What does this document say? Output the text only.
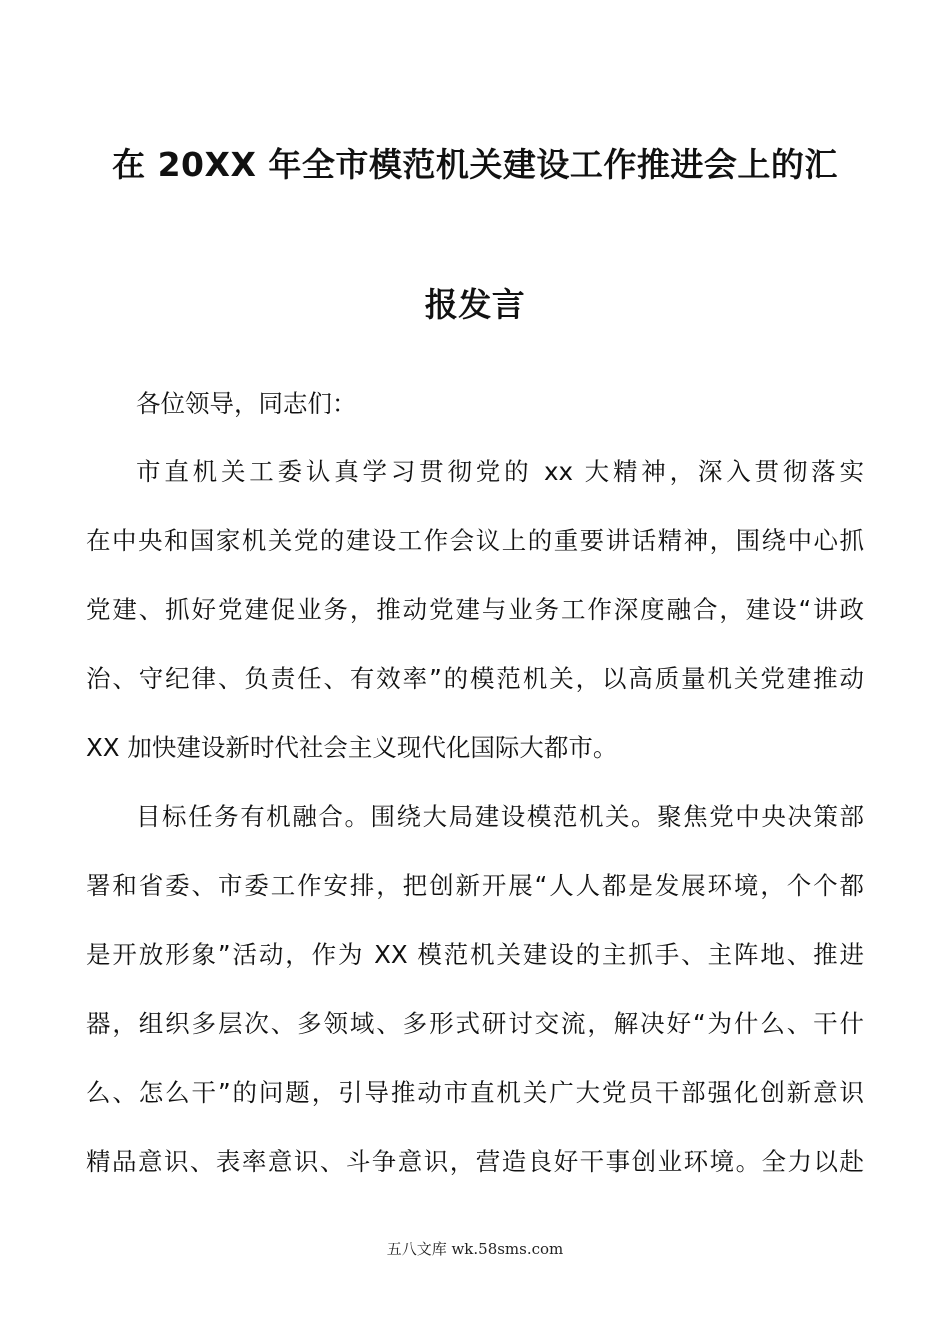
在 20XX 年全市模范机关建设工作推进会上的汇
报发言
各位领导，同志们：
市直机关工委认真学习贯彻党的 xx 大精神，深入贯彻落实
在中央和国家机关党的建设工作会议上的重要讲话精神，围绕中心抓
党建、抓好党建促业务，推动党建与业务工作深度融合，建设“讲政
治、守纪律、负责任、有效率”的模范机关，以高质量机关党建推动
XX 加快建设新时代社会主义现代化国际大都市。
目标任务有机融合。围绕大局建设模范机关。聚焦党中央决策部
署和省委、市委工作安排，把创新开展“人人都是发展环境，个个都
是开放形象”活动，作为 XX 模范机关建设的主抓手、主阵地、推进
器，组织多层次、多领域、多形式研讨交流，解决好“为什么、干什
么、怎么干”的问题，引导推动市直机关广大党员干部强化创新意识
精品意识、表率意识、斗争意识，营造良好干事创业环境。全力以赴
五八文库 wk.58sms.com
